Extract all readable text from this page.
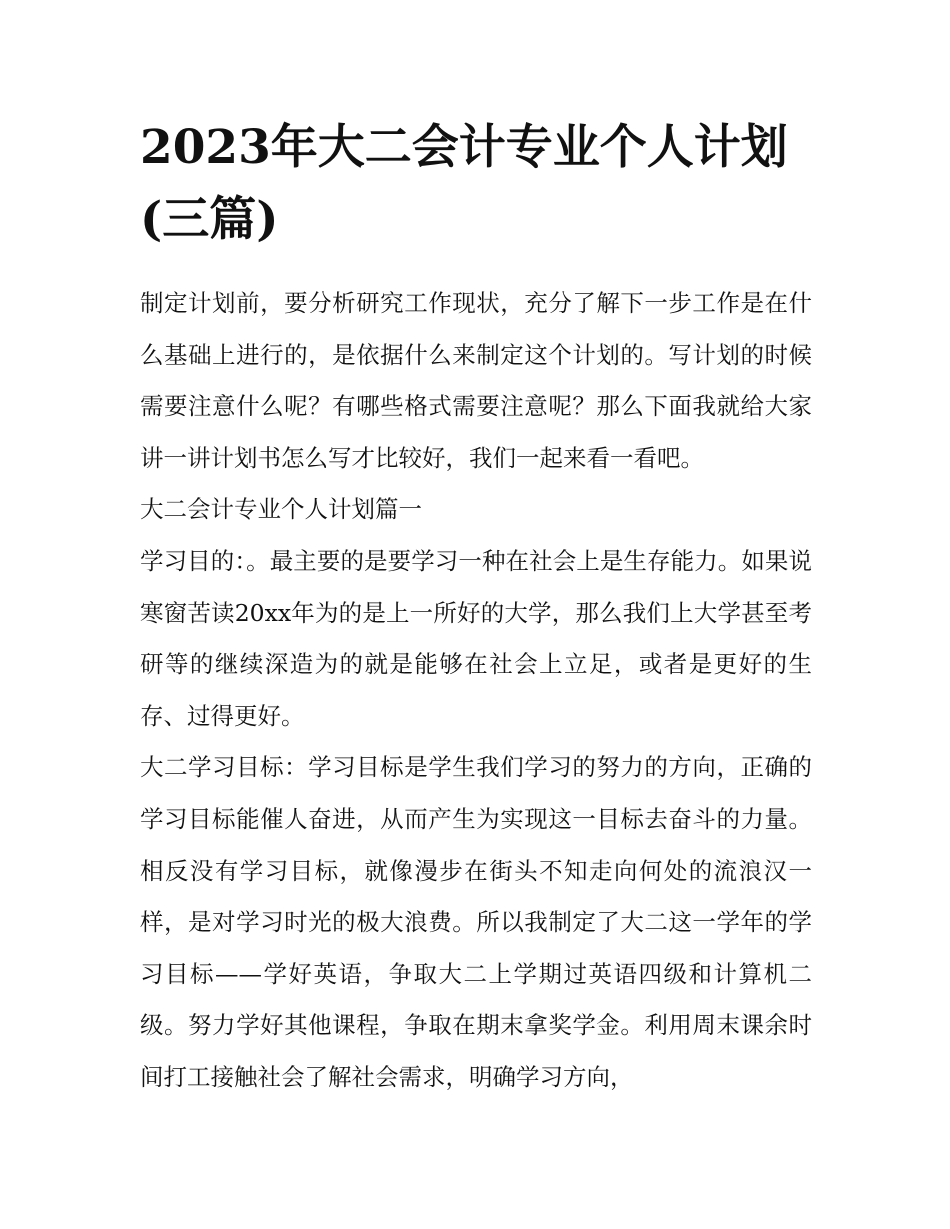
2023年大二会计专业个人计划
(三篇)

制定计划前，要分析研究工作现状，充分了解下一步工作是在什么基础上进行的，是依据什么来制定这个计划的。写计划的时候需要注意什么呢？有哪些格式需要注意呢？那么下面我就给大家讲一讲计划书怎么写才比较好，我们一起来看一看吧。

大二会计专业个人计划篇一

学习目的：。最主要的是要学习一种在社会上是生存能力。如果说寒窗苦读20xx年为的是上一所好的大学，那么我们上大学甚至考研等的继续深造为的就是能够在社会上立足，或者是更好的生存、过得更好。

大二学习目标：学习目标是学生我们学习的努力的方向，正确的学习目标能催人奋进，从而产生为实现这一目标去奋斗的力量。相反没有学习目标，就像漫步在街头不知走向何处的流浪汉一样，是对学习时光的极大浪费。所以我制定了大二这一学年的学习目标——学好英语，争取大二上学期过英语四级和计算机二级。努力学好其他课程，争取在期末拿奖学金。利用周末课余时间打工接触社会了解社会需求，明确学习方向，
